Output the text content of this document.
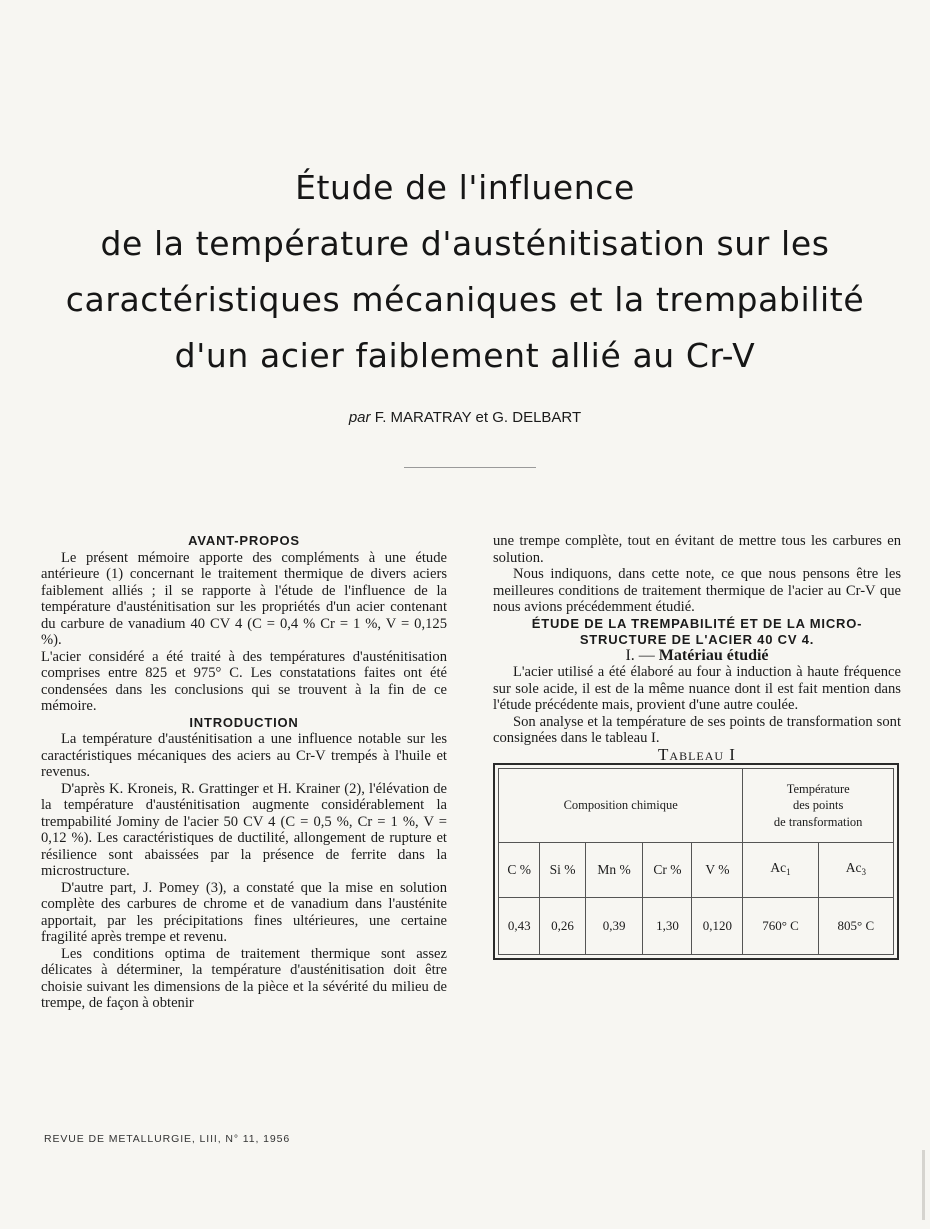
Étude de l'influence
de la température d'austénitisation sur les
caractéristiques mécaniques et la trempabilité
d'un acier faiblement allié au Cr-V
par F. MARATRAY et G. DELBART

AVANT-PROPOS

Le présent mémoire apporte des compléments à une étude antérieure (1) concernant le traitement thermique de divers aciers faiblement alliés ; il se rapporte à l'étude de l'influence de la température d'austénitisation sur les propriétés d'un acier contenant du carbure de vanadium 40 CV 4 (C = 0,4 % Cr = 1 %, V = 0,125 %).

L'acier considéré a été traité à des températures d'austénitisation comprises entre 825 et 975° C. Les constatations faites ont été condensées dans les conclusions qui se trouvent à la fin de ce mémoire.

INTRODUCTION

La température d'austénitisation a une influence notable sur les caractéristiques mécaniques des aciers au Cr-V trempés à l'huile et revenus.

D'après K. Kroneis, R. Grattinger et H. Krainer (2), l'élévation de la température d'austénitisation augmente considérablement la trempabilité Jominy de l'acier 50 CV 4 (C = 0,5 %, Cr = 1 %, V = 0,12 %). Les caractéristiques de ductilité, allongement de rupture et résilience sont abaissées par la présence de ferrite dans la microstructure.

D'autre part, J. Pomey (3), a constaté que la mise en solution complète des carbures de chrome et de vanadium dans l'austénite apportait, par les précipitations fines ultérieures, une certaine fragilité après trempe et revenu.

Les conditions optima de traitement thermique sont assez délicates à déterminer, la température d'austénitisation doit être choisie suivant les dimensions de la pièce et la sévérité du milieu de trempe, de façon à obtenir

une trempe complète, tout en évitant de mettre tous les carbures en solution.

Nous indiquons, dans cette note, ce que nous pensons être les meilleures conditions de traitement thermique de l'acier au Cr-V que nous avions précédemment étudié.

ÉTUDE DE LA TREMPABILITÉ ET DE LA MICRO-STRUCTURE DE L'ACIER 40 CV 4.

I. — Matériau étudié

L'acier utilisé a été élaboré au four à induction à haute fréquence sur sole acide, il est de la même nuance dont il est fait mention dans l'étude précédente mais, provient d'une autre coulée.

Son analyse et la température de ses points de transformation sont consignées dans le tableau I.

Tableau I

Composition chimique					Température
des points
de transformation	

C %	Si %	Mn %	Cr %	V %	$Ac_1$	$Ac_3$
0,43	0,26	0,39	1,30	0,120	760° C	805° C
REVUE DE METALLURGIE, LIII, N° 11, 1956
